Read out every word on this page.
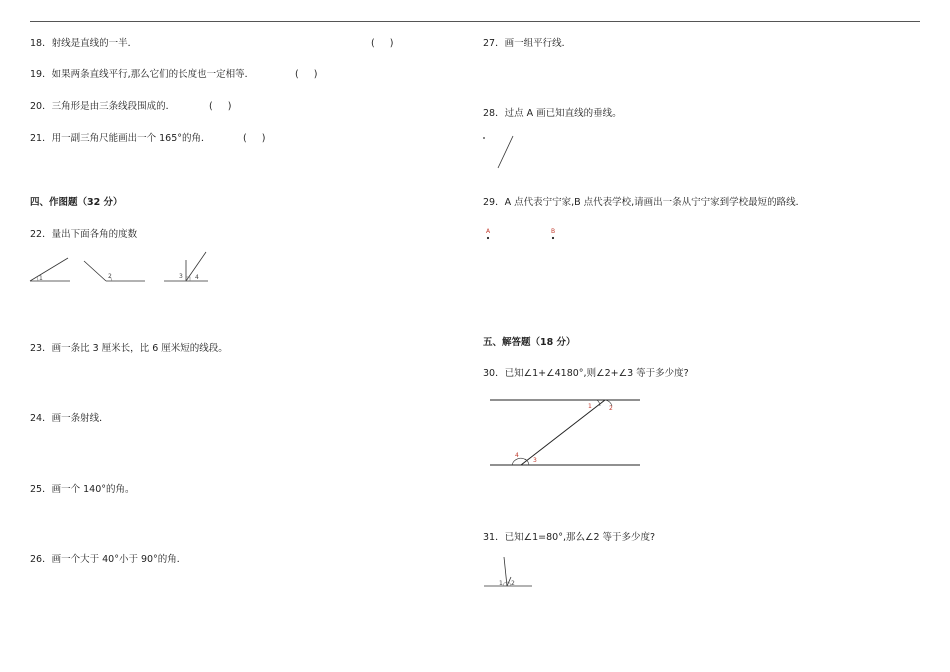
18．射线是直线的一半．	(     )
19．如果两条直线平行,那么它们的长度也一定相等．	(     )
20．三角形是由三条线段围成的．	(     )
21．用一副三角尺能画出一个 165°的角．	(     )
四、作图题（32 分）
22．量出下面各角的度数
1	2	3 4
23．画一条比 3 厘米长，比 6 厘米短的线段。
24．画一条射线．
25．画一个 140°的角。
26．画一个大于 40°小于 90°的角．
27．画一组平行线．
28．过点 A 画已知直线的垂线。
29．A 点代表宁宁家,B 点代表学校,请画出一条从宁宁家到学校最短的路线．
A	B
五、解答题（18 分）
30．已知∠1+∠4180°,则∠2+∠3 等于多少度?
1	2
4
3
31．已知∠1=80°,那么∠2 等于多少度?
1 2
